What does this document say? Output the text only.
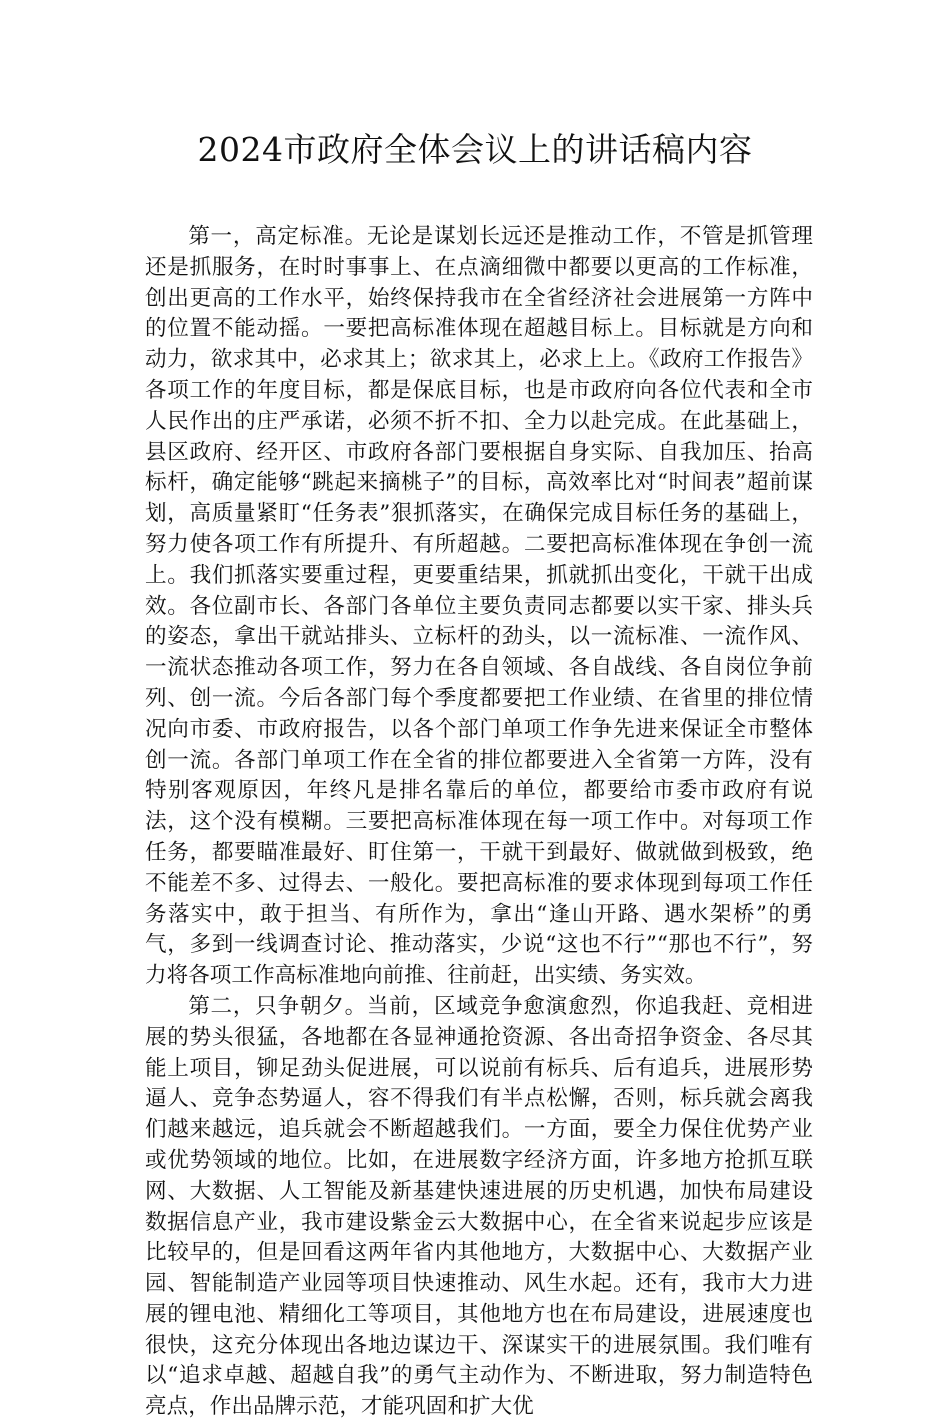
2024市政府全体会议上的讲话稿内容

第一，高定标准。无论是谋划长远还是推动工作，不管是抓管理还是抓服务，在时时事事上、在点滴细微中都要以更高的工作标准，创出更高的工作水平，始终保持我市在全省经济社会进展第一方阵中的位置不能动摇。一要把高标准体现在超越目标上。目标就是方向和动力，欲求其中，必求其上；欲求其上，必求上上。《政府工作报告》各项工作的年度目标，都是保底目标，也是市政府向各位代表和全市人民作出的庄严承诺，必须不折不扣、全力以赴完成。在此基础上，县区政府、经开区、市政府各部门要根据自身实际、自我加压、抬高标杆，确定能够“跳起来摘桃子”的目标，高效率比对“时间表”超前谋划，高质量紧盯“任务表”狠抓落实，在确保完成目标任务的基础上，努力使各项工作有所提升、有所超越。二要把高标准体现在争创一流上。我们抓落实要重过程，更要重结果，抓就抓出变化，干就干出成效。各位副市长、各部门各单位主要负责同志都要以实干家、排头兵的姿态，拿出干就站排头、立标杆的劲头，以一流标准、一流作风、一流状态推动各项工作，努力在各自领域、各自战线、各自岗位争前列、创一流。今后各部门每个季度都要把工作业绩、在省里的排位情况向市委、市政府报告，以各个部门单项工作争先进来保证全市整体创一流。各部门单项工作在全省的排位都要进入全省第一方阵，没有特别客观原因，年终凡是排名靠后的单位，都要给市委市政府有说法，这个没有模糊。三要把高标准体现在每一项工作中。对每项工作任务，都要瞄准最好、盯住第一，干就干到最好、做就做到极致，绝不能差不多、过得去、一般化。要把高标准的要求体现到每项工作任务落实中，敢于担当、有所作为，拿出“逢山开路、遇水架桥”的勇气，多到一线调查讨论、推动落实，少说“这也不行”“那也不行”，努力将各项工作高标准地向前推、往前赶，出实绩、务实效。

第二，只争朝夕。当前，区域竞争愈演愈烈，你追我赶、竞相进展的势头很猛，各地都在各显神通抢资源、各出奇招争资金、各尽其能上项目，铆足劲头促进展，可以说前有标兵、后有追兵，进展形势逼人、竞争态势逼人，容不得我们有半点松懈，否则，标兵就会离我们越来越远，追兵就会不断超越我们。一方面，要全力保住优势产业或优势领域的地位。比如，在进展数字经济方面，许多地方抢抓互联网、大数据、人工智能及新基建快速进展的历史机遇，加快布局建设数据信息产业，我市建设紫金云大数据中心，在全省来说起步应该是比较早的，但是回看这两年省内其他地方，大数据中心、大数据产业园、智能制造产业园等项目快速推动、风生水起。还有，我市大力进展的锂电池、精细化工等项目，其他地方也在布局建设，进展速度也很快，这充分体现出各地边谋边干、深谋实干的进展氛围。我们唯有以“追求卓越、超越自我”的勇气主动作为、不断进取，努力制造特色亮点，作出品牌示范，才能巩固和扩大优
